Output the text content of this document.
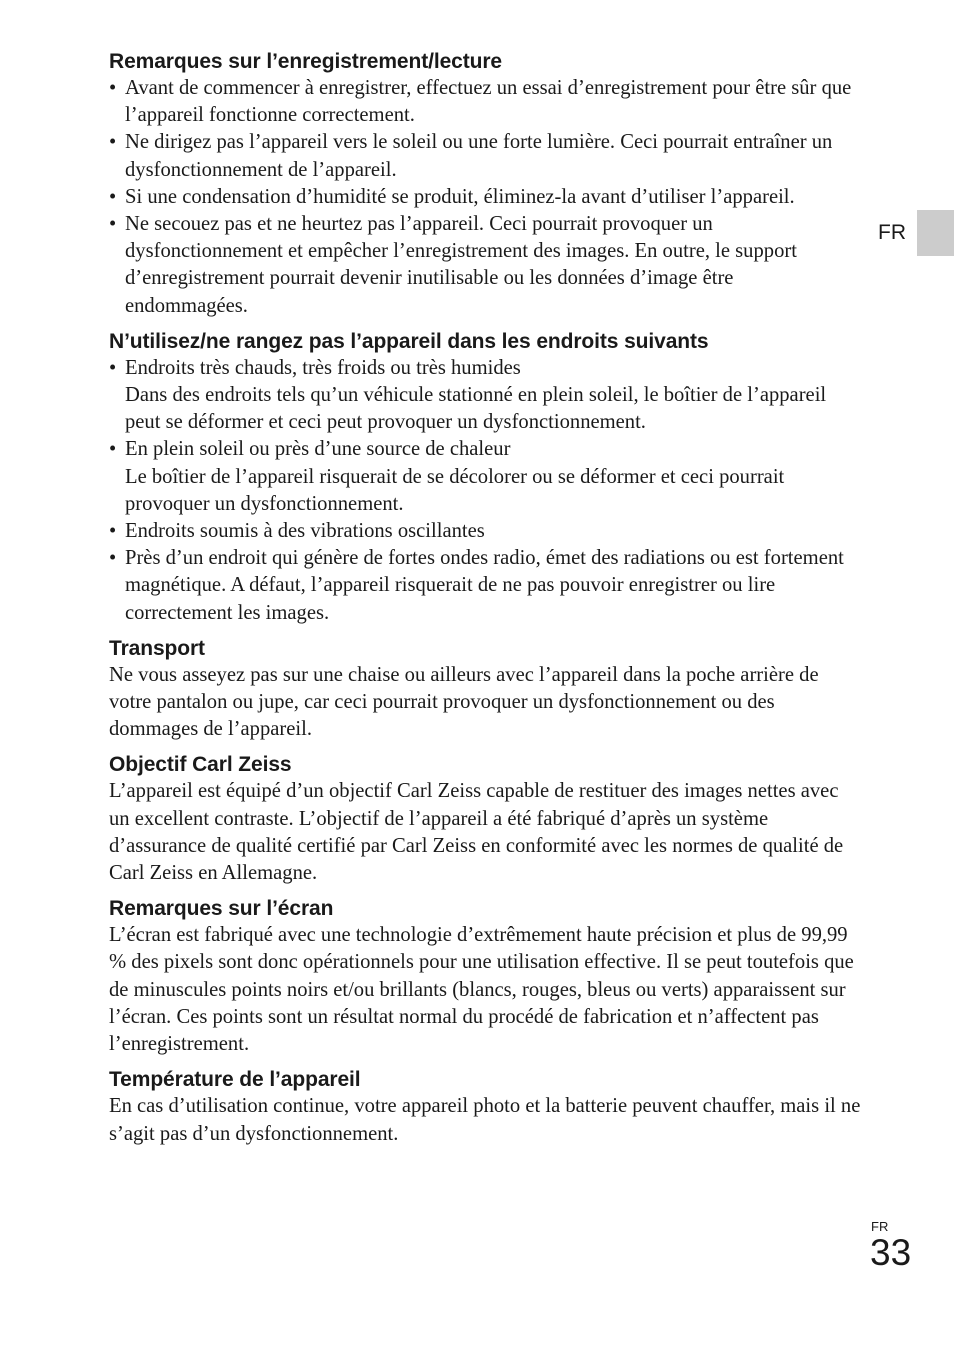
Remarques sur l’enregistrement/lecture
• Avant de commencer à enregistrer, effectuez un essai d’enregistrement pour être sûr que l’appareil fonctionne correctement.
• Ne dirigez pas l’appareil vers le soleil ou une forte lumière. Ceci pourrait entraîner un dysfonctionnement de l’appareil.
• Si une condensation d’humidité se produit, éliminez-la avant d’utiliser l’appareil.
• Ne secouez pas et ne heurtez pas l’appareil. Ceci pourrait provoquer un dysfonctionnement et empêcher l’enregistrement des images. En outre, le support d’enregistrement pourrait devenir inutilisable ou les données d’image être endommagées.
N’utilisez/ne rangez pas l’appareil dans les endroits suivants
• Endroits très chauds, très froids ou très humides
Dans des endroits tels qu’un véhicule stationné en plein soleil, le boîtier de l’appareil peut se déformer et ceci peut provoquer un dysfonctionnement.
• En plein soleil ou près d’une source de chaleur
Le boîtier de l’appareil risquerait de se décolorer ou se déformer et ceci pourrait provoquer un dysfonctionnement.
• Endroits soumis à des vibrations oscillantes
• Près d’un endroit qui génère de fortes ondes radio, émet des radiations ou est fortement magnétique. A défaut, l’appareil risquerait de ne pas pouvoir enregistrer ou lire correctement les images.
Transport

Ne vous asseyez pas sur une chaise ou ailleurs avec l’appareil dans la poche arrière de votre pantalon ou jupe, car ceci pourrait provoquer un dysfonctionnement ou des dommages de l’appareil.

Objectif Carl Zeiss

L’appareil est équipé d’un objectif Carl Zeiss capable de restituer des images nettes avec un excellent contraste. L’objectif de l’appareil a été fabriqué d’après un système d’assurance de qualité certifié par Carl Zeiss en conformité avec les normes de qualité de Carl Zeiss en Allemagne.

Remarques sur l’écran

L’écran est fabriqué avec une technologie d’extrêmement haute précision et plus de 99,99 % des pixels sont donc opérationnels pour une utilisation effective. Il se peut toutefois que de minuscules points noirs et/ou brillants (blancs, rouges, bleus ou verts) apparaissent sur l’écran. Ces points sont un résultat normal du procédé de fabrication et n’affectent pas l’enregistrement.

Température de l’appareil

En cas d’utilisation continue, votre appareil photo et la batterie peuvent chauffer, mais il ne s’agit pas d’un dysfonctionnement.

FR
FR
33
